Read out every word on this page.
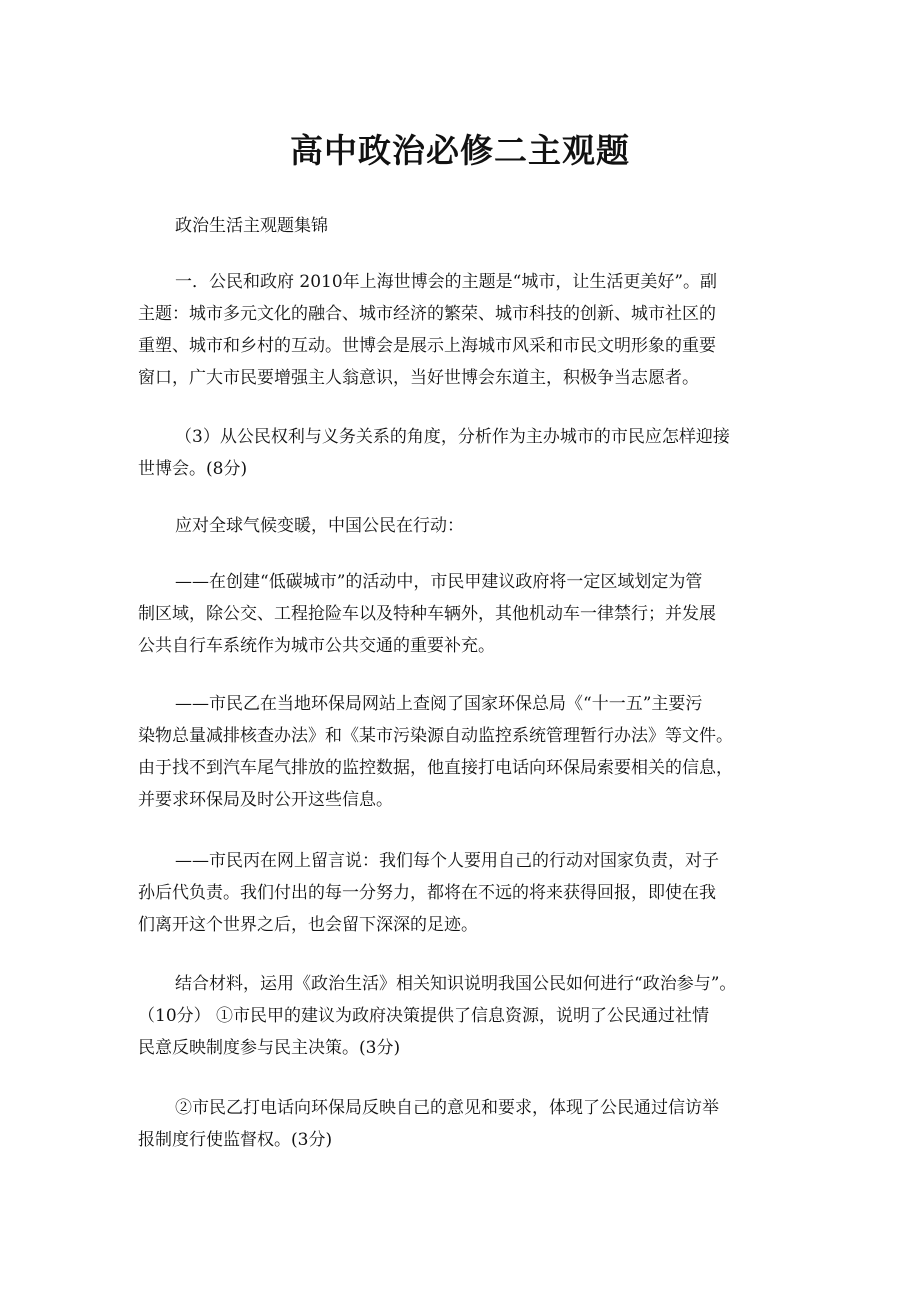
高中政治必修二主观题

政治生活主观题集锦

一．公民和政府 2010年上海世博会的主题是“城市，让生活更美好”。副
主题：城市多元文化的融合、城市经济的繁荣、城市科技的创新、城市社区的
重塑、城市和乡村的互动。世博会是展示上海城市风采和市民文明形象的重要
窗口，广大市民要增强主人翁意识，当好世博会东道主，积极争当志愿者。

（3）从公民权利与义务关系的角度，分析作为主办城市的市民应怎样迎接
世博会。(8分)

应对全球气候变暖，中国公民在行动：

——在创建“低碳城市”的活动中，市民甲建议政府将一定区域划定为管
制区域，除公交、工程抢险车以及特种车辆外，其他机动车一律禁行；并发展
公共自行车系统作为城市公共交通的重要补充。

——市民乙在当地环保局网站上查阅了国家环保总局《“十一五”主要污
染物总量减排核查办法》和《某市污染源自动监控系统管理暂行办法》等文件。
由于找不到汽车尾气排放的监控数据，他直接打电话向环保局索要相关的信息，
并要求环保局及时公开这些信息。

——市民丙在网上留言说：我们每个人要用自己的行动对国家负责，对子
孙后代负责。我们付出的每一分努力，都将在不远的将来获得回报，即使在我
们离开这个世界之后，也会留下深深的足迹。

结合材料，运用《政治生活》相关知识说明我国公民如何进行“政治参与”。
（10分） ①市民甲的建议为政府决策提供了信息资源，说明了公民通过社情
民意反映制度参与民主决策。(3分)

②市民乙打电话向环保局反映自己的意见和要求，体现了公民通过信访举
报制度行使监督权。(3分)
